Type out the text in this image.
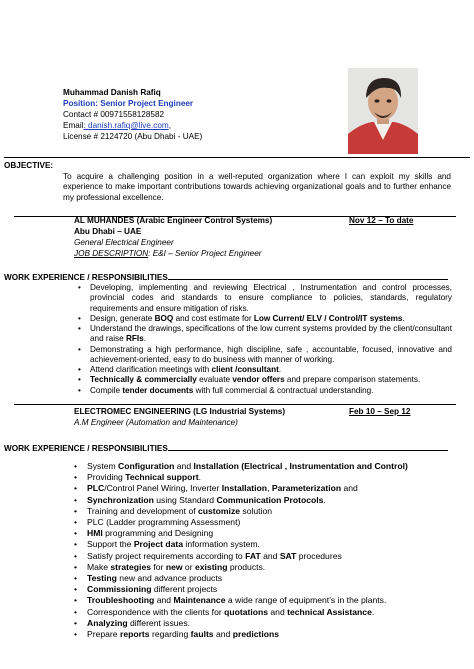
Muhammad Danish Rafiq
Position: Senior Project Engineer
Contact # 00971558128582
Email: danish.rafiq@live.com,
License # 2124720 (Abu Dhabi - UAE)
OBJECTIVE:
To acquire a challenging position in a well-reputed organization where I can exploit my skills and experience to make important contributions towards achieving organizational goals and to further enhance my professional excellence.
AL MUHANDES (Arabic Engineer Control Systems)	Nov 12 – To date
Abu Dhabi – UAE
General Electrical Engineer
JOB DESCRIPTION: E&I – Senior Project Engineer
WORK EXPERIENCE / RESPONSIBILITIES
• Developing, implementing and reviewing Electrical , Instrumentation and control processes, provincial codes and standards to ensure compliance to policies, standards, regulatory requirements and ensure mitigation of risks.
• Design, generate BOQ and cost estimate for Low Current/ ELV / Control/IT systems.
• Understand the drawings, specifications of the low current systems provided by the client/consultant and raise RFIs.
• Demonstrating a high performance, high discipline, safe , accountable, focused, innovative and achievement-oriented, easy to do business with manner of working.
• Attend clarification meetings with client /consultant.
• Technically & commercially evaluate vendor offers and prepare comparison statements.
• Compile tender documents with full commercial & contractual understanding.
ELECTROMEC ENGINEERING (LG Industrial Systems)	Feb 10 – Sep 12
A.M Engineer (Automation and Maintenance)
WORK EXPERIENCE / RESPONSIBILITIES
• System Configuration and Installation (Electrical , Instrumentation and Control)
• Providing Technical support.
• PLC/Control Panel Wiring, Inverter Installation, Parameterization and
• Synchronization using Standard Communication Protocols.
• Training and development of customize solution
• PLC (Ladder programming Assessment)
• HMI programming and Designing
• Support the Project data information system.
• Satisfy project requirements according to FAT and SAT procedures
• Make strategies for new or existing products.
• Testing new and advance products
• Commissioning different projects
• Troubleshooting and Maintenance a wide range of equipment’s in the plants.
• Correspondence with the clients for quotations and technical Assistance.
• Analyzing different issues.
• Prepare reports regarding faults and predictions
